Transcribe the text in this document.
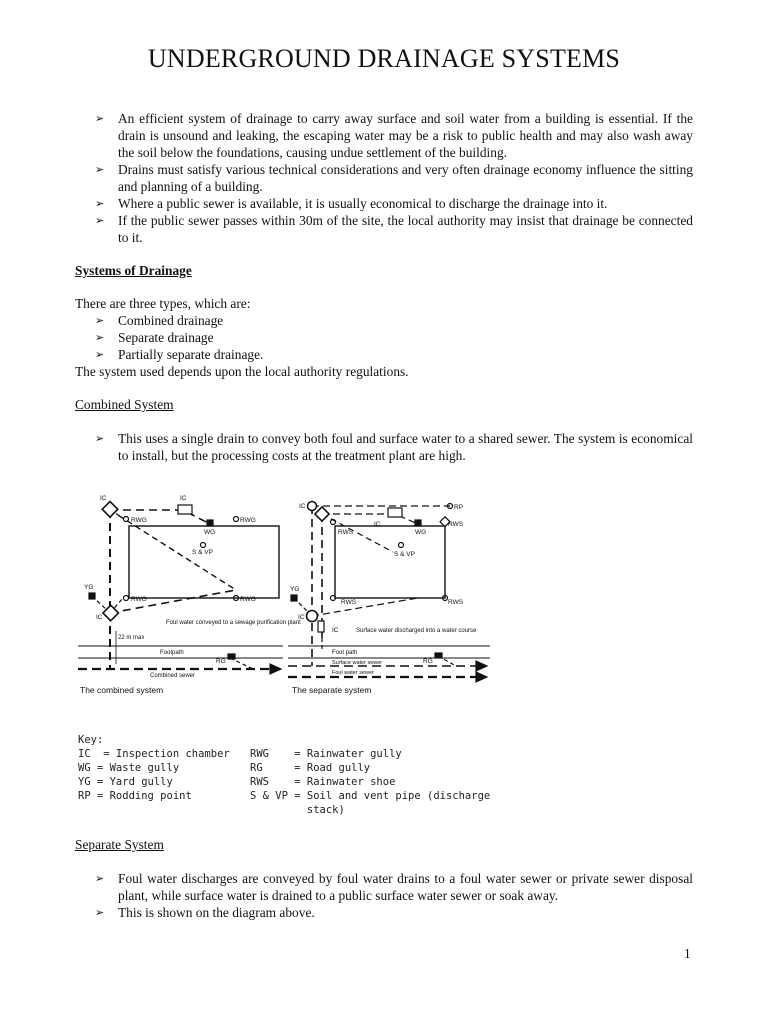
UNDERGROUND DRAINAGE SYSTEMS
➢ An efficient system of drainage to carry away surface and soil water from a building is essential. If the drain is unsound and leaking, the escaping water may be a risk to public health and may also wash away the soil below the foundations, causing undue settlement of the building.
➢ Drains must satisfy various technical considerations and very often drainage economy influence the sitting and planning of a building.
➢ Where a public sewer is available, it is usually economical to discharge the drainage into it.
➢ If the public sewer passes within 30m of the site, the local authority may insist that drainage be connected to it.
Systems of Drainage
There are three types, which are:
➢ Combined drainage
➢ Separate drainage
➢ Partially separate drainage.
The system used depends upon the local authority regulations.
Combined System
➢ This uses a single drain to convey both foul and surface water to a shared sewer. The system is economical to install, but the processing costs at the treatment plant are high.
IC	IC
RWG	RWG
RWG	RWG
WG
S & VP
YG
IC
Foul water conveyed to a sewage purification plant
22 m max
Footpath
RG
Combined sewer
The combined system
IC	RP
IC	RWS
RWS	WG
S & VP
YG
RWS	RWS
IC
IC	Surface water discharged into a water course
Foot path
Surface water sewer
Foul water sewer
RG
The separate system
Key:
IC  = Inspection chamber
WG = Waste gully
YG = Yard gully
RP = Rodding point
RWG    = Rainwater gully
RG     = Road gully
RWS    = Rainwater shoe
S & VP = Soil and vent pipe (discharge
stack)
Separate System
➢ Foul water discharges are conveyed by foul water drains to a foul water sewer or private sewer disposal plant, while surface water is drained to a public surface water sewer or soak away.
➢ This is shown on the diagram above.
1
